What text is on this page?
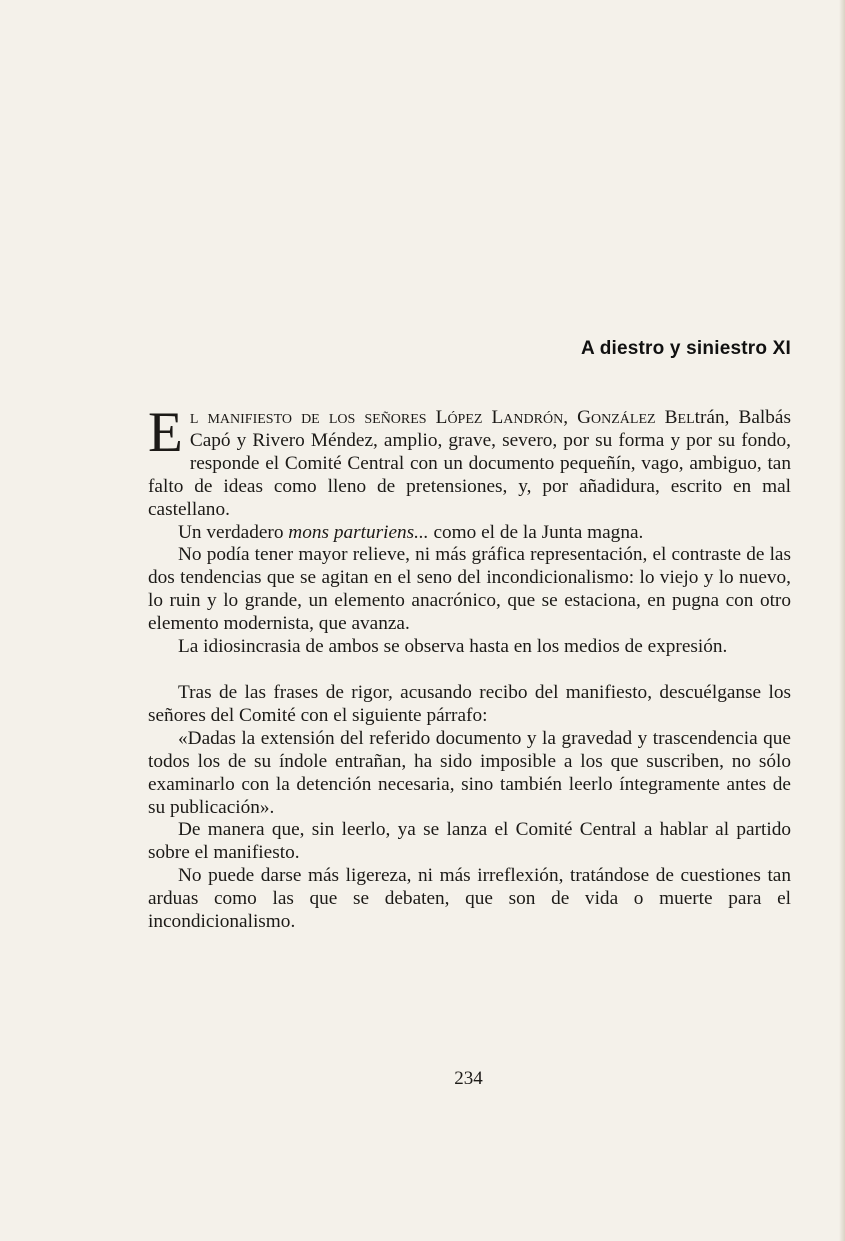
A diestro y siniestro XI

El manifiesto de los señores López Landrón, González Beltrán, Balbás Capó y Rivero Méndez, amplio, grave, severo, por su forma y por su fondo, responde el Comité Central con un documento pequeñín, vago, ambiguo, tan falto de ideas como lleno de pretensiones, y, por añadidura, escrito en mal castellano.

Un verdadero mons parturiens... como el de la Junta magna.

No podía tener mayor relieve, ni más gráfica representación, el contraste de las dos tendencias que se agitan en el seno del incondicionalismo: lo viejo y lo nuevo, lo ruin y lo grande, un elemento anacrónico, que se estaciona, en pugna con otro elemento modernista, que avanza.

La idiosincrasia de ambos se observa hasta en los medios de expresión.

Tras de las frases de rigor, acusando recibo del manifiesto, descuélganse los señores del Comité con el siguiente párrafo:

«Dadas la extensión del referido documento y la gravedad y trascendencia que todos los de su índole entrañan, ha sido imposible a los que suscriben, no sólo examinarlo con la detención necesaria, sino también leerlo íntegramente antes de su publicación».

De manera que, sin leerlo, ya se lanza el Comité Central a hablar al partido sobre el manifiesto.

No puede darse más ligereza, ni más irreflexión, tratándose de cuestiones tan arduas como las que se debaten, que son de vida o muerte para el incondicionalismo.

234
